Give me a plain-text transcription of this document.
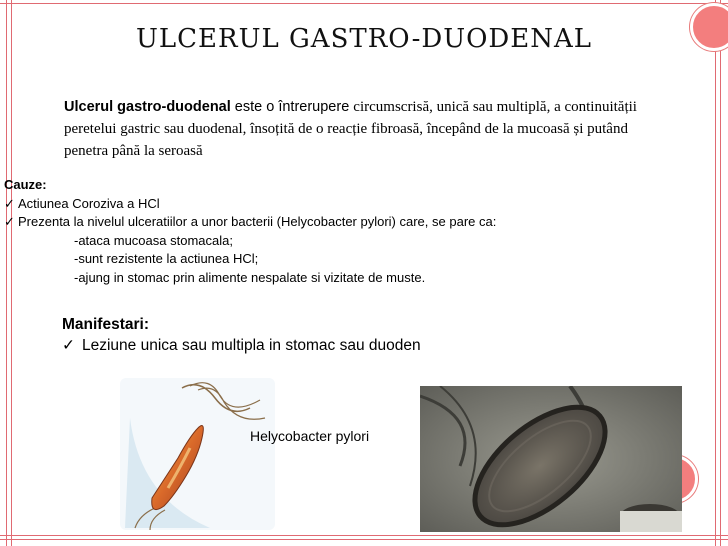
ULCERUL GASTRO-DUODENAL
Ulcerul gastro-duodenal este o întrerupere circumscrisă, unică sau multiplă, a continuității peretelui gastric sau duodenal, însoțită de o reacție fibroasă, începând de la mucoasă și putând penetra până la seroasă
Cauze:
✓ Actiunea Coroziva a HCl
✓ Prezenta la nivelul ulceratiilor a unor bacterii (Helycobacter pylori) care, se pare ca:
-ataca mucoasa stomacala;
-sunt rezistente la actiunea HCl;
-ajung in stomac prin alimente nespalate si vizitate de muste.
Manifestari:
✓ Leziune unica sau multipla in stomac sau duoden
Helycobacter pylori
